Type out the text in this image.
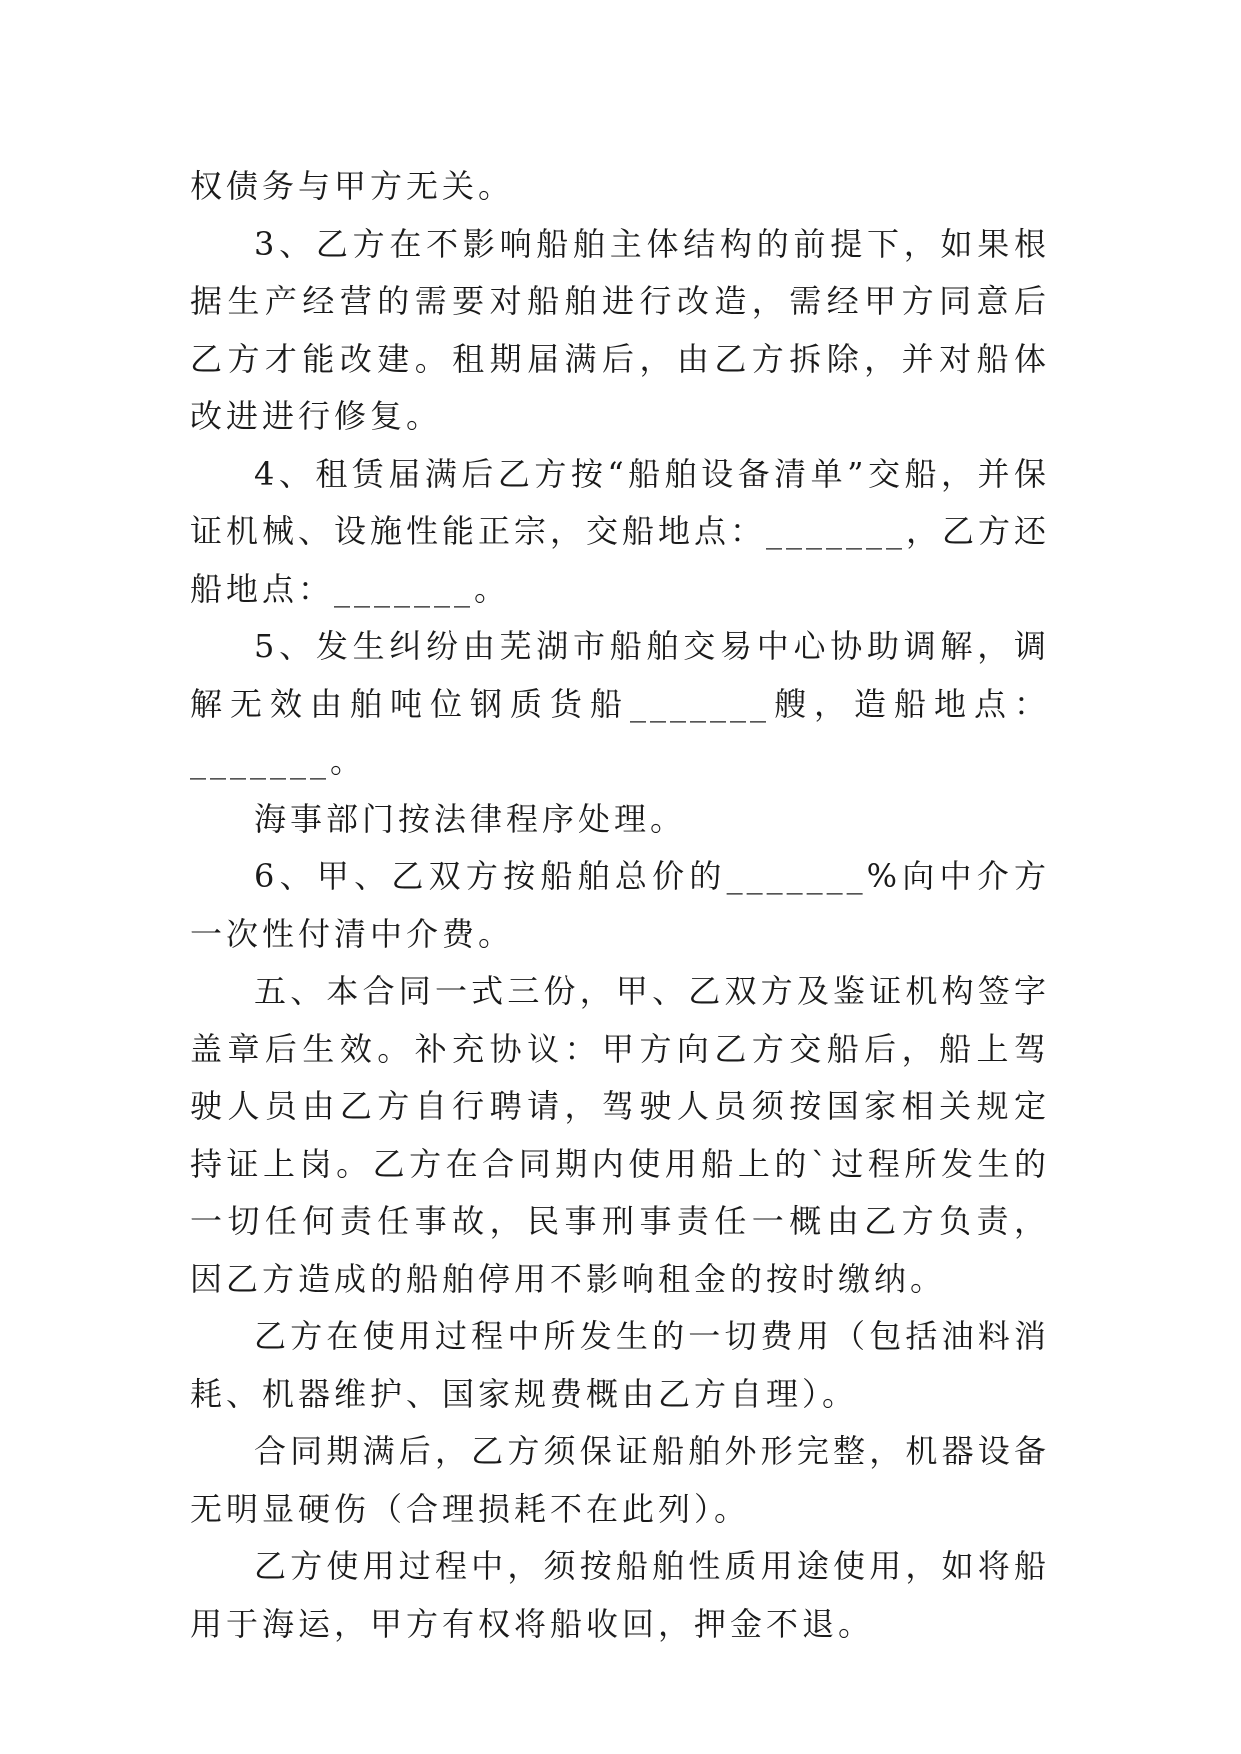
权债务与甲方无关。

3、乙方在不影响船舶主体结构的前提下，如果根据生产经营的需要对船舶进行改造，需经甲方同意后乙方才能改建。租期届满后，由乙方拆除，并对船体改进进行修复。

4、租赁届满后乙方按“船舶设备清单”交船，并保证机械、设施性能正宗，交船地点：_______，乙方还船地点：_______。

5、发生纠纷由芜湖市船舶交易中心协助调解，调解无效由舶吨位钢质货船_______艘，造船地点：_______。

海事部门按法律程序处理。

6、甲、乙双方按船舶总价的_______%向中介方一次性付清中介费。

五、本合同一式三份，甲、乙双方及鉴证机构签字盖章后生效。补充协议：甲方向乙方交船后，船上驾驶人员由乙方自行聘请，驾驶人员须按国家相关规定持证上岗。乙方在合同期内使用船上的`过程所发生的一切任何责任事故，民事刑事责任一概由乙方负责，因乙方造成的船舶停用不影响租金的按时缴纳。

乙方在使用过程中所发生的一切费用（包括油料消耗、机器维护、国家规费概由乙方自理）。

合同期满后，乙方须保证船舶外形完整，机器设备无明显硬伤（合理损耗不在此列）。

乙方使用过程中，须按船舶性质用途使用，如将船用于海运，甲方有权将船收回，押金不退。
